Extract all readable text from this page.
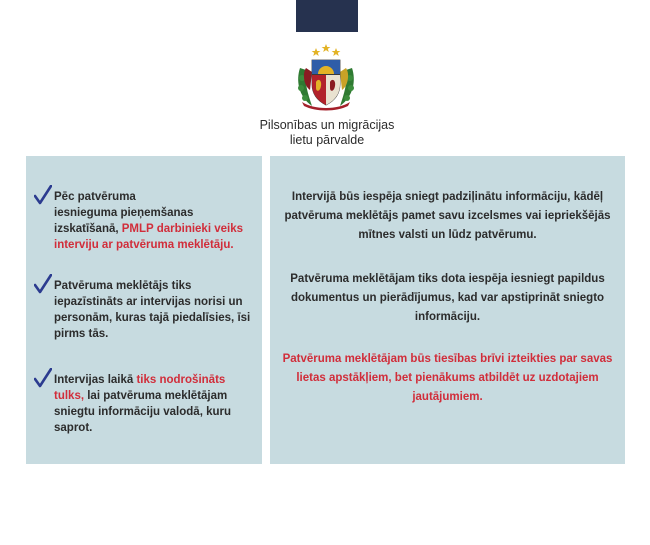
Pilsonības un migrācijas
lietu pārvalde
Pēc patvēruma
iesnieguma pieņemšanas
izskatīšanā, PMLP darbinieki veiks
interviju ar patvēruma meklētāju.
Patvēruma meklētājs tiks
iepazīstināts ar intervijas norisi un
personām, kuras tajā piedalīsies, īsi
pirms tās.
Intervijas laikā tiks nodrošināts
tulks, lai patvēruma meklētājam
sniegtu informāciju valodā, kuru
saprot.
Intervijā būs iespēja sniegt padziļinātu informāciju, kādēļ
patvēruma meklētājs pamet savu izcelsmes vai iepriekšējās
mītnes valsti un lūdz patvērumu.
Patvēruma meklētājam tiks dota iespēja iesniegt papildus
dokumentus un pierādījumus, kad var apstiprināt sniegto
informāciju.
Patvēruma meklētājam būs tiesības brīvi izteikties par savas
lietas apstākļiem, bet pienākums atbildēt uz uzdotajiem
jautājumiem.
